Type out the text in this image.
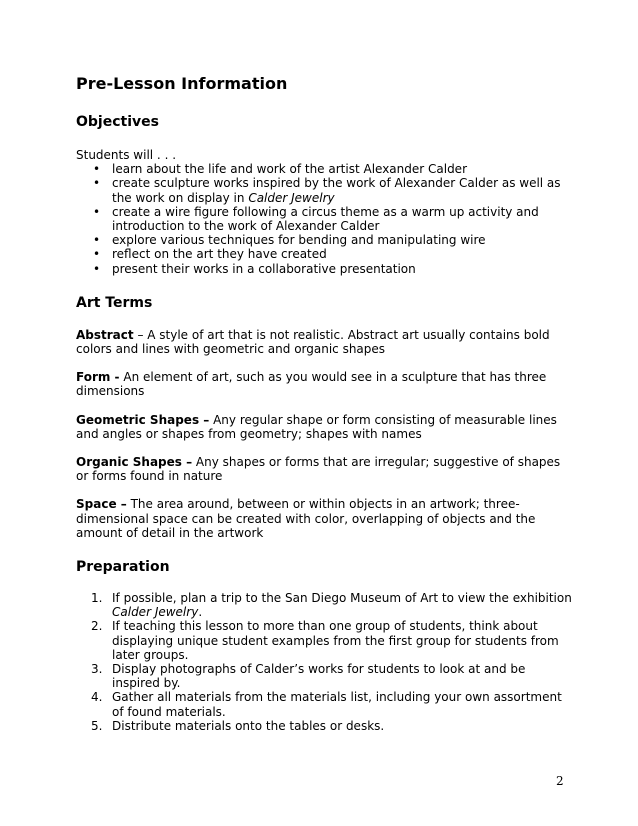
Pre-Lesson Information
Objectives

Students will . . .

• learn about the life and work of the artist Alexander Calder
• create sculpture works inspired by the work of Alexander Calder as well as the work on display in Calder Jewelry
• create a wire figure following a circus theme as a warm up activity and introduction to the work of Alexander Calder
• explore various techniques for bending and manipulating wire
• reflect on the art they have created
• present their works in a collaborative presentation
Art Terms

Abstract – A style of art that is not realistic. Abstract art usually contains bold colors and lines with geometric and organic shapes

Form - An element of art, such as you would see in a sculpture that has three dimensions

Geometric Shapes – Any regular shape or form consisting of measurable lines and angles or shapes from geometry; shapes with names

Organic Shapes – Any shapes or forms that are irregular; suggestive of shapes or forms found in nature

Space – The area around, between or within objects in an artwork; three-dimensional space can be created with color, overlapping of objects and the amount of detail in the artwork

Preparation
1. If possible, plan a trip to the San Diego Museum of Art to view the exhibition Calder Jewelry.
2. If teaching this lesson to more than one group of students, think about displaying unique student examples from the first group for students from later groups.
3. Display photographs of Calder’s works for students to look at and be inspired by.
4. Gather all materials from the materials list, including your own assortment of found materials.
5. Distribute materials onto the tables or desks.
2
